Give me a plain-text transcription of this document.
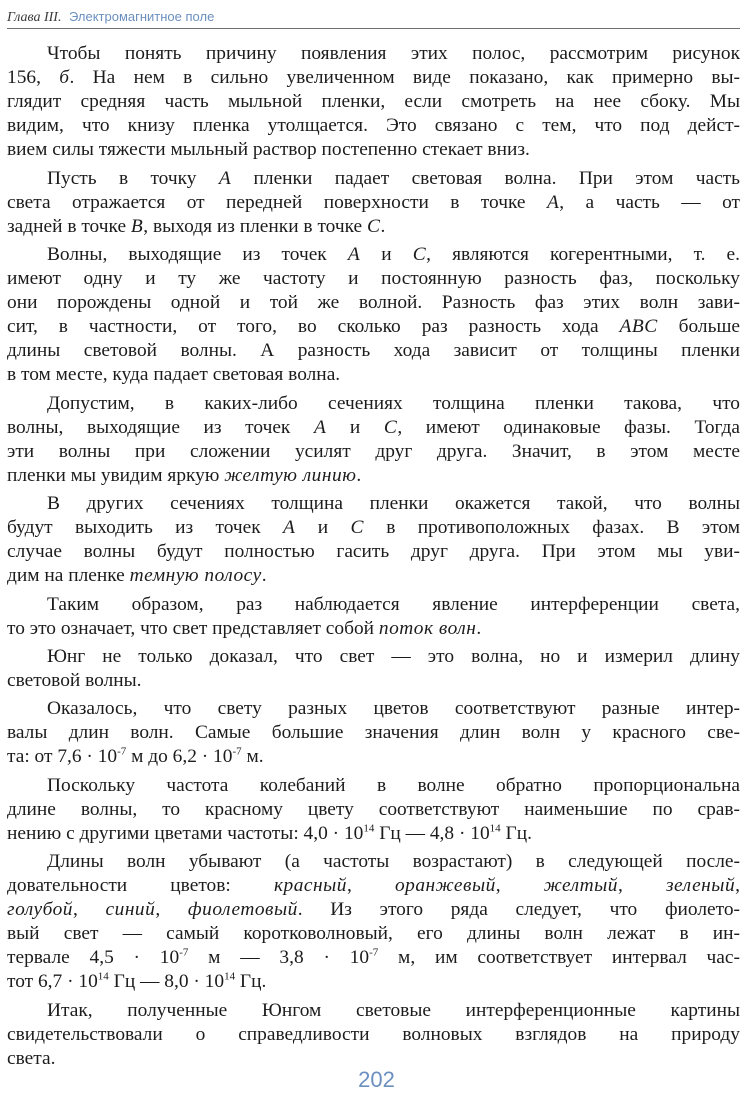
Глава III. Электромагнитное поле

Чтобы понять причину появления этих полос, рассмотрим рисунок
156, б. На нем в сильно увеличенном виде показано, как примерно вы-
глядит средняя часть мыльной пленки, если смотреть на нее сбоку. Мы
видим, что книзу пленка утолщается. Это связано с тем, что под дейст-
вием силы тяжести мыльный раствор постепенно стекает вниз.

Пусть в точку A пленки падает световая волна. При этом часть
света отражается от передней поверхности в точке A, а часть — от
задней в точке B, выходя из пленки в точке C.

Волны, выходящие из точек A и C, являются когерентными, т. е.
имеют одну и ту же частоту и постоянную разность фаз, поскольку
они порождены одной и той же волной. Разность фаз этих волн зави-
сит, в частности, от того, во сколько раз разность хода ABC больше
длины световой волны. А разность хода зависит от толщины пленки
в том месте, куда падает световая волна.

Допустим, в каких-либо сечениях толщина пленки такова, что
волны, выходящие из точек A и C, имеют одинаковые фазы. Тогда
эти волны при сложении усилят друг друга. Значит, в этом месте
пленки мы увидим яркую желтую линию.

В других сечениях толщина пленки окажется такой, что волны
будут выходить из точек A и C в противоположных фазах. В этом
случае волны будут полностью гасить друг друга. При этом мы уви-
дим на пленке темную полосу.

Таким образом, раз наблюдается явление интерференции света,
то это означает, что свет представляет собой поток волн.

Юнг не только доказал, что свет — это волна, но и измерил длину
световой волны.

Оказалось, что свету разных цветов соответствуют разные интер-
валы длин волн. Самые большие значения длин волн у красного све-
та: от $7,6 \cdot 10^{-7}$ м до $6,2 \cdot 10^{-7}$ м.

Поскольку частота колебаний в волне обратно пропорциональна
длине волны, то красному цвету соответствуют наименьшие по срав-
нению с другими цветами частоты: $4,0 \cdot 10^{14}$ Гц — $4,8 \cdot 10^{14}$ Гц.

Длины волн убывают (а частоты возрастают) в следующей после-
довательности цветов: красный, оранжевый, желтый, зеленый,
голубой, синий, фиолетовый. Из этого ряда следует, что фиолето-
вый свет — самый коротковолновый, его длины волн лежат в ин-
тервале $4,5 \cdot 10^{-7}$ м — $3,8 \cdot 10^{-7}$ м, им соответствует интервал час-
тот $6,7 \cdot 10^{14}$ Гц — $8,0 \cdot 10^{14}$ Гц.

Итак, полученные Юнгом световые интерференционные картины
свидетельствовали о справедливости волновых взглядов на природу
света.

202
